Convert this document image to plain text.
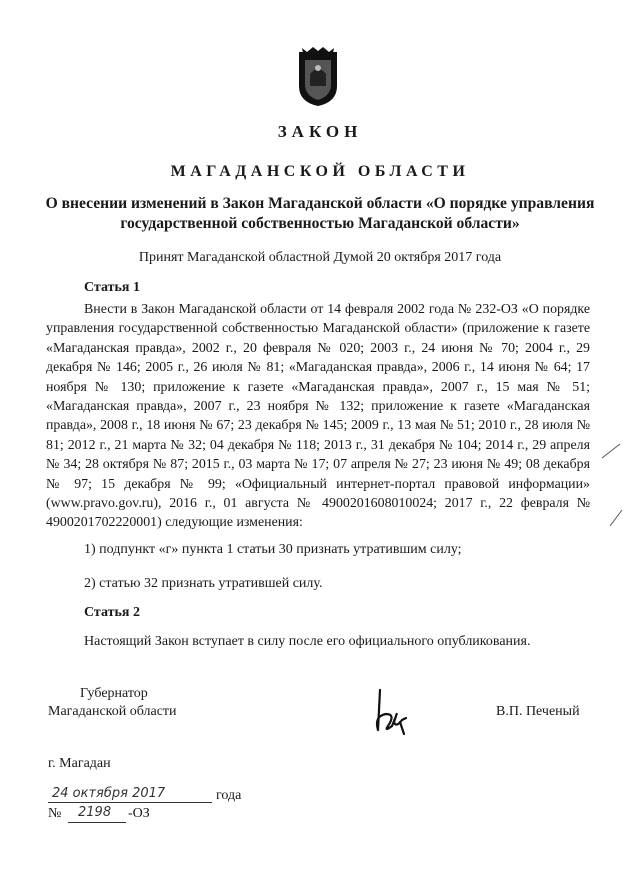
ЗАКОН
МАГАДАНСКОЙ ОБЛАСТИ
О внесении изменений в Закон Магаданской области «О порядке управления государственной собственностью Магаданской области»
Принят Магаданской областной Думой 20 октября 2017 года
Статья 1

Внести в Закон Магаданской области от 14 февраля 2002 года № 232-ОЗ «О порядке управления государственной собственностью Магаданской области» (приложение к газете «Магаданская правда», 2002 г., 20 февраля № 020; 2003 г., 24 июня № 70; 2004 г., 29 декабря № 146; 2005 г., 26 июля № 81; «Магаданская правда», 2006 г., 14 июня № 64; 17 ноября № 130; приложение к газете «Магаданская правда», 2007 г., 15 мая № 51; «Магаданская правда», 2007 г., 23 ноября № 132; приложение к газете «Магаданская правда», 2008 г., 18 июня № 67; 23 декабря № 145; 2009 г., 13 мая № 51; 2010 г., 28 июля № 81; 2012 г., 21 марта № 32; 04 декабря № 118; 2013 г., 31 декабря № 104; 2014 г., 29 апреля № 34; 28 октября № 87; 2015 г., 03 марта № 17; 07 апреля № 27; 23 июня № 49; 08 декабря № 97; 15 декабря № 99; «Официальный интернет-портал правовой информации» (www.pravo.gov.ru), 2016 г., 01 августа № 4900201608010024; 2017 г., 22 февраля № 4900201702220001) следующие изменения:

1) подпункт «г» пункта 1 статьи 30 признать утратившим силу;
2) статью 32 признать утратившей силу.
Статья 2
Настоящий Закон вступает в силу после его официального опубликования.
Губернатор
Магаданской области	В.П. Печеный
г. Магадан
24 октября 2017	года
№ 2198 -ОЗ
